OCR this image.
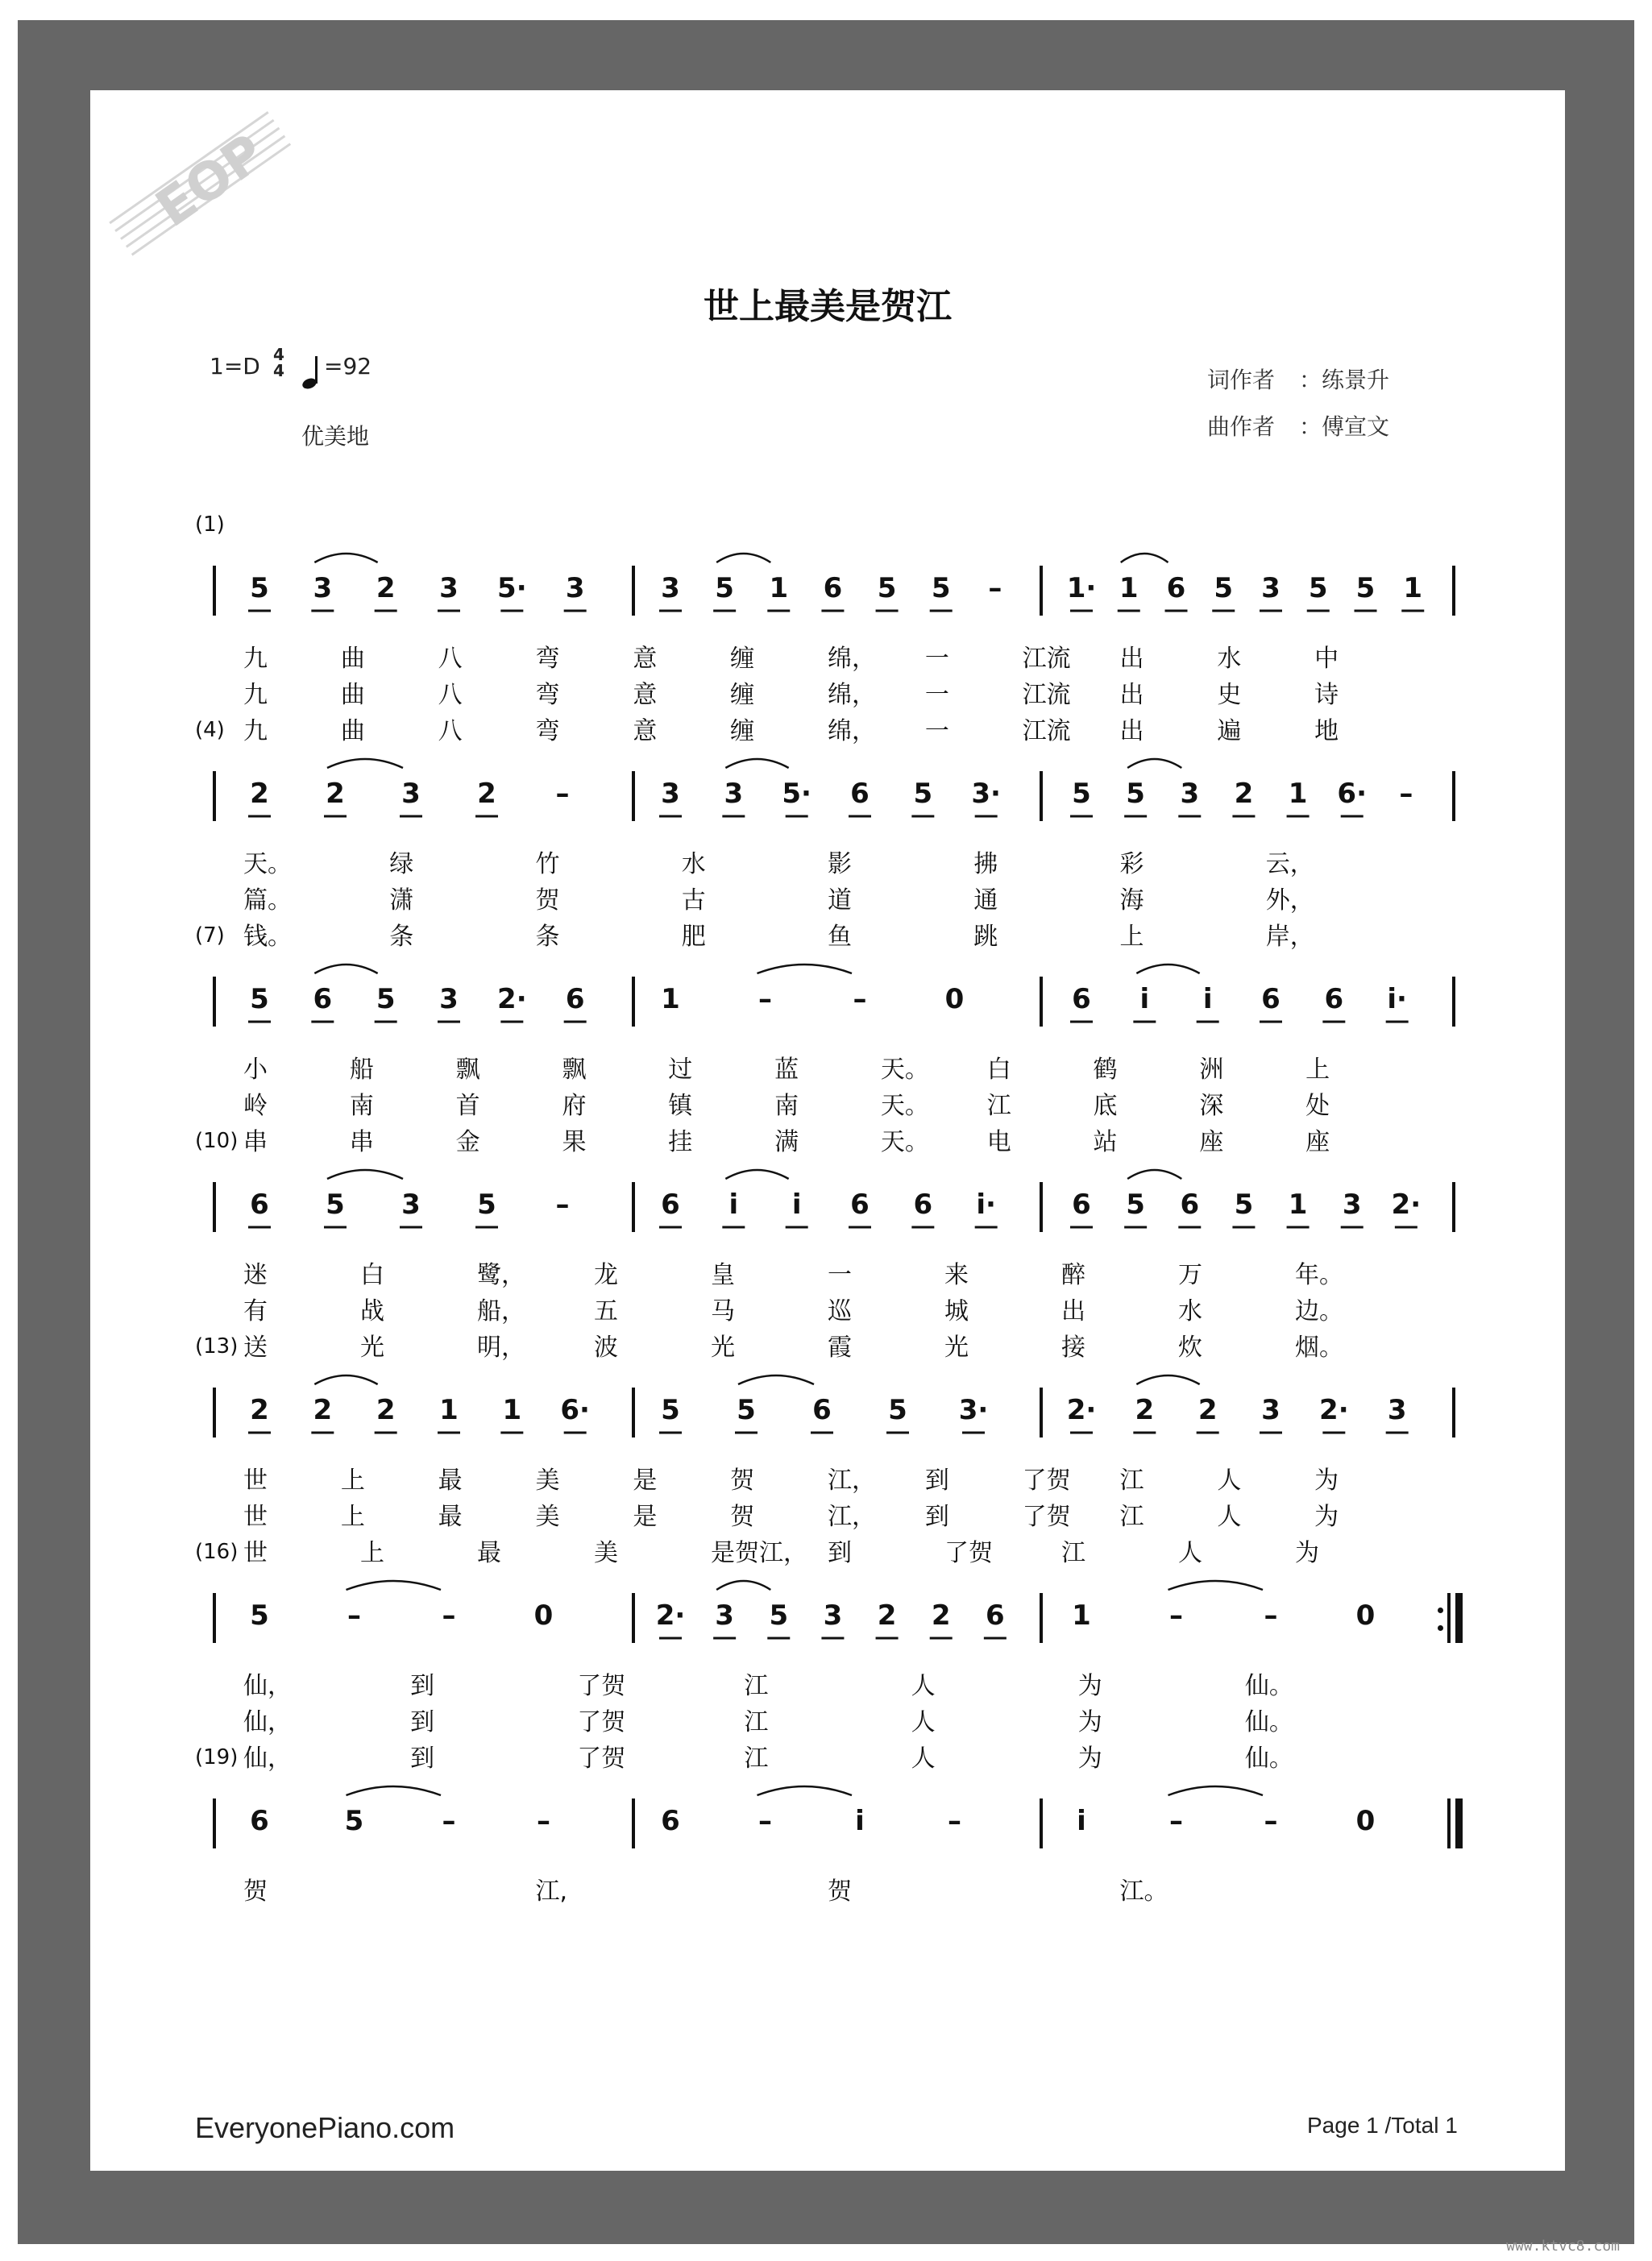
EOP
世上最美是贺江
1=D 4
4 =92
优美地
词作者 ：练景升
曲作者 ：傅宣文
(1)
5 3 2 3 5· 3	3 5 1 6 5 5	–	1· 1 6 5 3 5 5 1
九	曲	八	弯	意	缠	绵， 一	江流 出	水	中
九	曲	八	弯	意	缠	绵， 一	江流 出	史	诗
九	曲	八	弯	意	缠	绵， 一	江流 出	遍	地
(4)
2 2 3 2	–	3 3 5· 6 5 3·	5 5 3 2 1 6·	–
天。	绿	竹	水	影	拂	彩	云，
篇。	潇	贺	古	道	通	海	外，
钱。	条	条	肥	鱼	跳	上	岸，
(7)
5 6 5 3 2· 6	1	–	–	0	6	i	i	6 6 i·
小	船	飘	飘	过	蓝	天。 白	鹤	洲	上
岭	南	首	府	镇	南	天。 江	底	深	处
串	串	金	果	挂	满	天。 电	站	座	座
(10)
6 5 3 5	–	6	i	i	6 6 i·	6 5 6 5 1 3 2·
迷	白	鹭，	龙	皇	一	来	醉	万	年。
有	战	船，	五	马	巡	城	出	水	边。
送	光	明，	波	光	霞	光	接	炊	烟。
(13)
2 2 2 1 1 6·	5 5 6 5 3·	2· 2 2 3 2· 3
世	上	最	美	是	贺	江， 到	了贺 江	人	为
世	上	最	美	是	贺	江， 到	了贺 江	人	为
世	上	最	美	是贺江， 到	了贺	江	人	为
(16)
5	–	–	0	2· 3 5 3 2 2 6 1	–	–	0
仙，	到	了贺	江	人	为	仙。
仙，	到	了贺	江	人	为	仙。
仙，	到	了贺	江	人	为	仙。
(19)
6	5	–	–	6	–	i	–	i	–	–	0
贺	江,	贺	江。
EveryonePiano.com	Page 1 /Total 1
www.ktvc8.com
